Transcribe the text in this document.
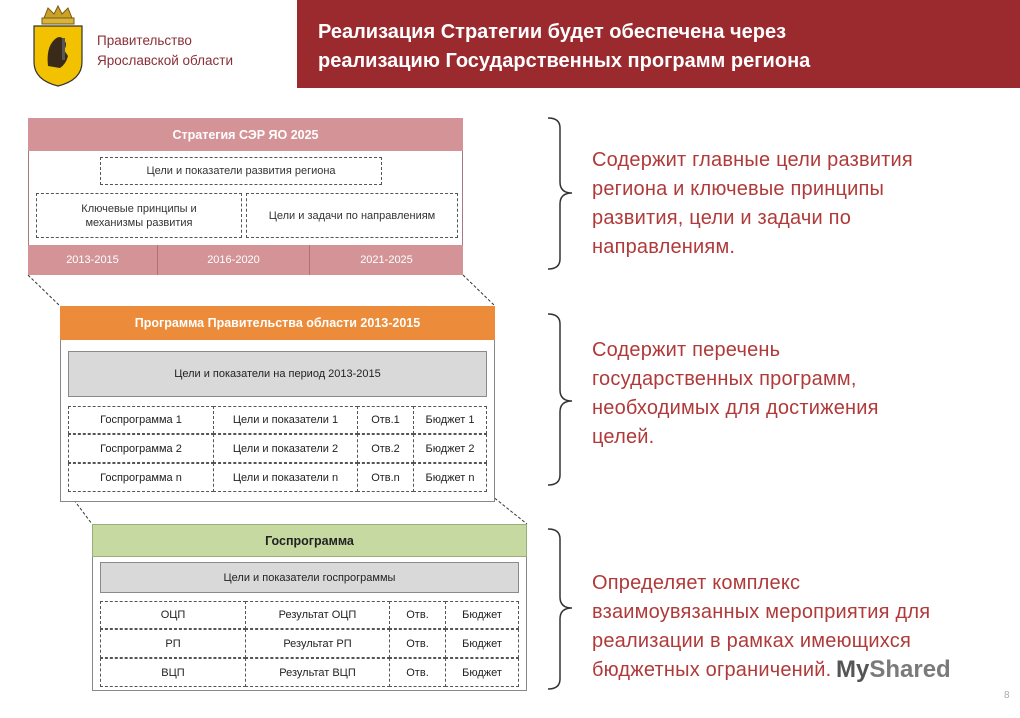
Правительство
Ярославской области
Реализация Стратегии будет обеспечена через
реализацию Государственных программ региона
Стратегия СЭР ЯО 2025
Цели и показатели развития региона
Ключевые принципы и
механизмы развития
Цели и задачи по направлениям
2013-2015	2016-2020	2021-2025
Программа Правительства области 2013-2015
Цели и показатели на период 2013-2015
Госпрограмма 1	Цели и показатели 1	Отв.1	Бюджет 1
Госпрограмма 2	Цели и показатели 2	Отв.2	Бюджет 2
Госпрограмма n	Цели и показатели n	Отв.n	Бюджет n
Госпрограмма
Цели и показатели госпрограммы
ОЦП	Результат ОЦП	Отв.	Бюджет
РП	Результат РП	Отв.	Бюджет
ВЦП	Результат ВЦП	Отв.	Бюджет
Содержит главные цели развития
региона и ключевые принципы
развития, цели и задачи по
направлениям.
Содержит перечень
государственных программ,
необходимых для достижения
целей.
Определяет комплекс
взаимоувязанных мероприятия для
реализации в рамках имеющихся
бюджетных ограничений. MyShared
8
